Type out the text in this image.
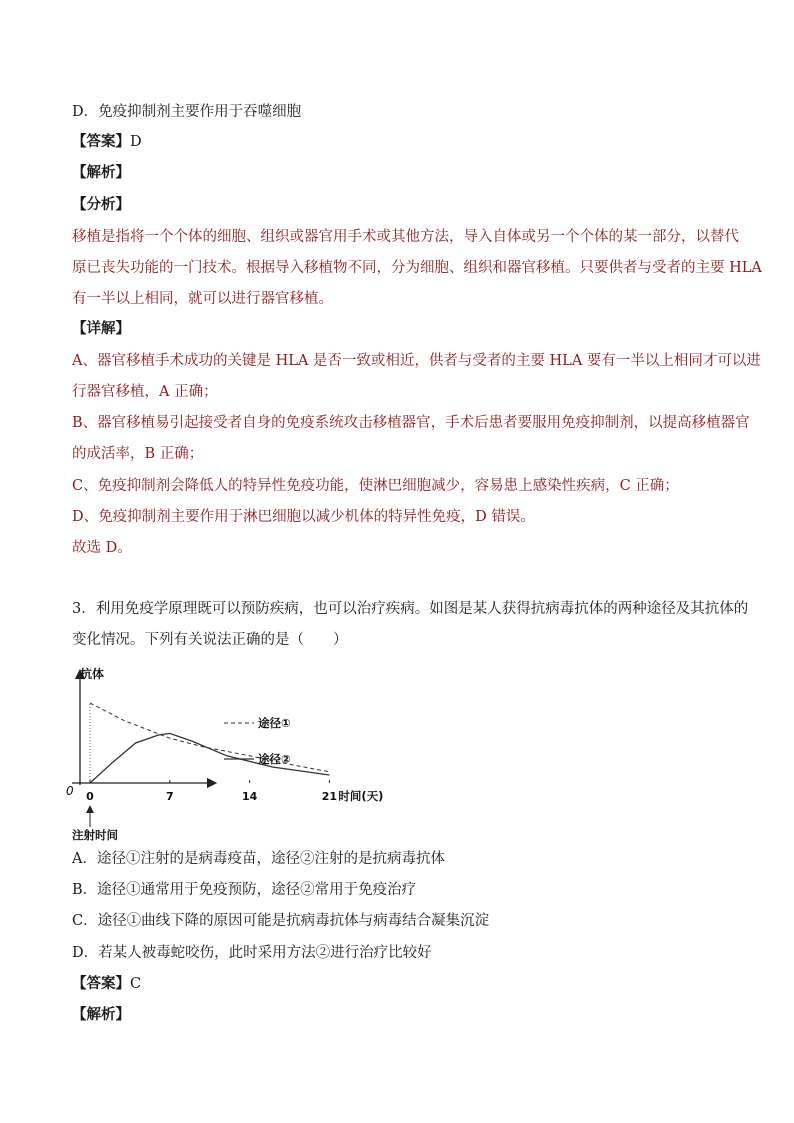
D．免疫抑制剂主要作用于吞噬细胞
【答案】D
【解析】
【分析】
移植是指将一个个体的细胞、组织或器官用手术或其他方法，导入自体或另一个个体的某一部分，以替代
原已丧失功能的一门技术。根据导入移植物不同，分为细胞、组织和器官移植。只要供者与受者的主要 HLA
有一半以上相同，就可以进行器官移植。
【详解】
A、器官移植手术成功的关键是 HLA 是否一致或相近，供者与受者的主要 HLA 要有一半以上相同才可以进
行器官移植，A 正确；
B、器官移植易引起接受者自身的免疫系统攻击移植器官，手术后患者要服用免疫抑制剂，以提高移植器官
的成活率，B 正确；
C、免疫抑制剂会降低人的特异性免疫功能，使淋巴细胞减少，容易患上感染性疾病，C 正确；
D、免疫抑制剂主要作用于淋巴细胞以减少机体的特异性免疫，D 错误。
故选 D。
3．利用免疫学原理既可以预防疾病，也可以治疗疾病。如图是某人获得抗病毒抗体的两种途径及其抗体的
变化情况。下列有关说法正确的是（　　）
抗体
0 0	7	14	21 时间(天)
注射时间
途径①
途径②
A．途径①注射的是病毒疫苗，途径②注射的是抗病毒抗体
B．途径①通常用于免疫预防，途径②常用于免疫治疗
C．途径①曲线下降的原因可能是抗病毒抗体与病毒结合凝集沉淀
D．若某人被毒蛇咬伤，此时采用方法②进行治疗比较好
【答案】C
【解析】
